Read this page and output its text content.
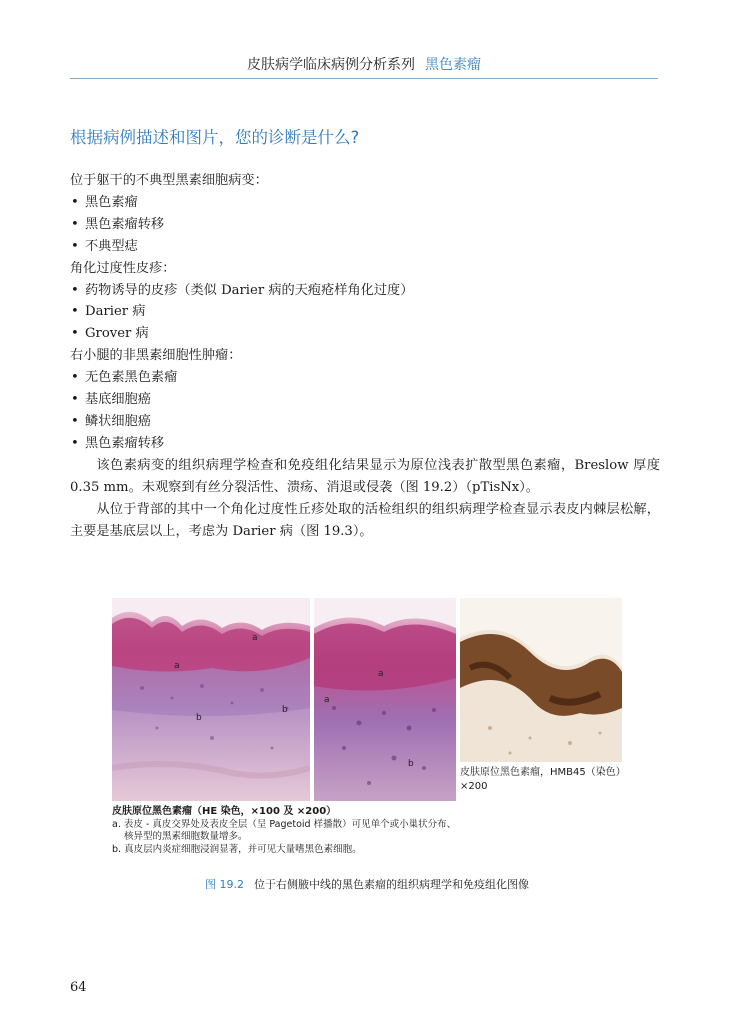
皮肤病学临床病例分析系列 黑色素瘤
根据病例描述和图片，您的诊断是什么?

位于躯干的不典型黑素细胞病变：

• 黑色素瘤
• 黑色素瘤转移
• 不典型痣

角化过度性皮疹：

• 药物诱导的皮疹（类似 Darier 病的天疱疮样角化过度）
• Darier 病
• Grover 病

右小腿的非黑素细胞性肿瘤：

• 无色素黑色素瘤
• 基底细胞癌
• 鳞状细胞癌
• 黑色素瘤转移

该色素病变的组织病理学检查和免疫组化结果显示为原位浅表扩散型黑色素瘤，Breslow 厚度 0.35 mm。未观察到有丝分裂活性、溃疡、消退或侵袭（图 19.2）（pTisNx）。

从位于背部的其中一个角化过度性丘疹处取的活检组织的组织病理学检查显示表皮内棘层松解，主要是基底层以上，考虑为 Darier 病（图 19.3）。

a
a
b
b
a
a
b
皮肤原位黑色素瘤，HMB45（染色）×200
皮肤原位黑色素瘤（HE 染色，×100 及 ×200）
a. 表皮 - 真皮交界处及表皮全层（呈 Pagetoid 样播散）可见单个或小巢状分布、核异型的黑素细胞数量增多。
b. 真皮层内炎症细胞浸润显著，并可见大量嗜黑色素细胞。
图 19.2 位于右侧腋中线的黑色素瘤的组织病理学和免疫组化图像
64
